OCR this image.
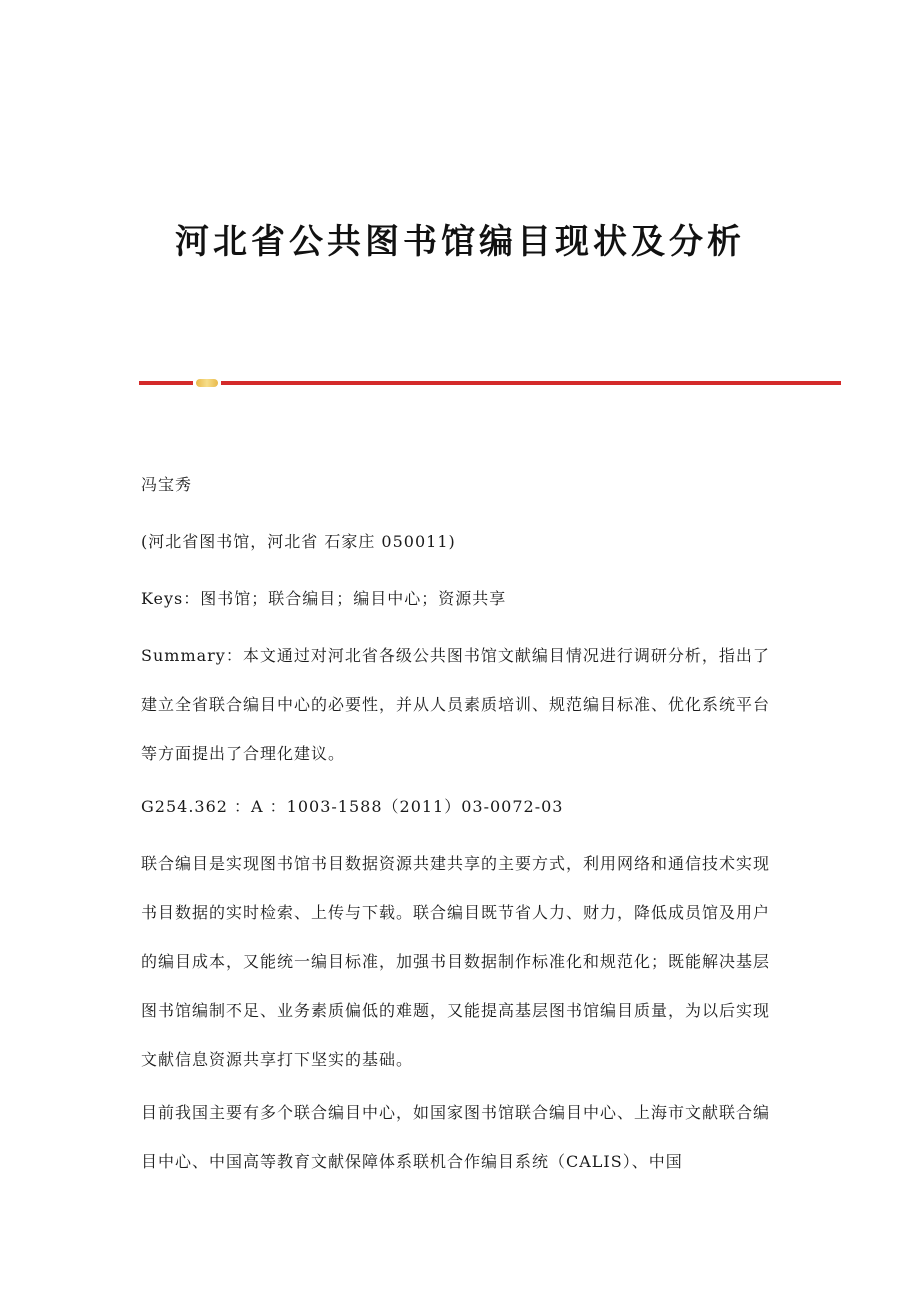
河北省公共图书馆编目现状及分析

冯宝秀

(河北省图书馆，河北省 石家庄 050011)

Keys：图书馆；联合编目；编目中心；资源共享

Summary：本文通过对河北省各级公共图书馆文献编目情况进行调研分析，指出了建立全省联合编目中心的必要性，并从人员素质培训、规范编目标准、优化系统平台等方面提出了合理化建议。

G254.362 ：A ：1003-1588（2011）03-0072-03

联合编目是实现图书馆书目数据资源共建共享的主要方式，利用网络和通信技术实现书目数据的实时检索、上传与下载。联合编目既节省人力、财力，降低成员馆及用户的编目成本，又能统一编目标准，加强书目数据制作标准化和规范化；既能解决基层图书馆编制不足、业务素质偏低的难题，又能提高基层图书馆编目质量，为以后实现文献信息资源共享打下坚实的基础。

目前我国主要有多个联合编目中心，如国家图书馆联合编目中心、上海市文献联合编目中心、中国高等教育文献保障体系联机合作编目系统（CALIS）、中国
